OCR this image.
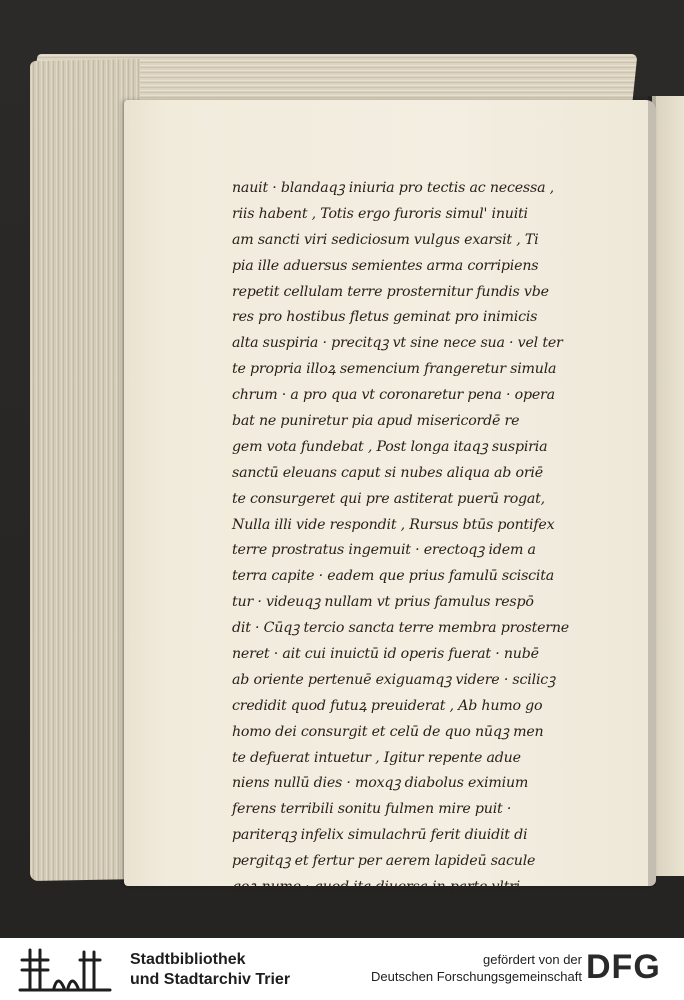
nauit · blandaqꝫ iniuria pro tectis ac necessa ,
riis habent , Totis ergo furoris simul' inuiti
am sancti viri sediciosum vulgus exarsit , Ti
pia ille aduersus semientes arma corripiens
repetit cellulam terre prosternitur fundis vbe
res pro hostibus fletus geminat pro inimicis
alta suspiria · precitqꝫ vt sine nece sua · vel ter
te propria illoꝝ semencium frangeretur simula
chrum · a pro qua vt coronaretur pena · opera
bat ne puniretur pia apud misericordē re
gem vota fundebat , Post longa itaqꝫ suspiria
sanctū eleuans caput si nubes aliqua ab oriē
te consurgeret qui pre astiterat puerū rogat,
Nulla illi vide respondit , Rursus btūs pontifex
terre prostratus ingemuit · erectoqꝫ idem a
terra capite · eadem que prius famulū sciscita
tur · videuqꝫ nullam vt prius famulus respō
dit · Cūqꝫ tercio sancta terre membra prosterne
neret · ait cui inuictū id operis fuerat · nubē
ab oriente pertenuē exiguamqꝫ videre · scilicꝫ
credidit quod futuꝝ preuiderat , Ab humo go
homo dei consurgit et celū de quo nūqꝫ men
te defuerat intuetur , Igitur repente adue
niens nullū dies · moxqꝫ diabolus eximium
ferens terribili sonitu fulmen mire puit ·
pariterqꝫ infelix simulachrū ferit diuidit di
pergitqꝫ et fertur per aerem lapideū sacule
goꝝ nume · quod ita diuersa in parte vltri
Stadtbibliothek
und Stadtarchiv Trier
gefördert von der
Deutschen Forschungsgemeinschaft DFG
